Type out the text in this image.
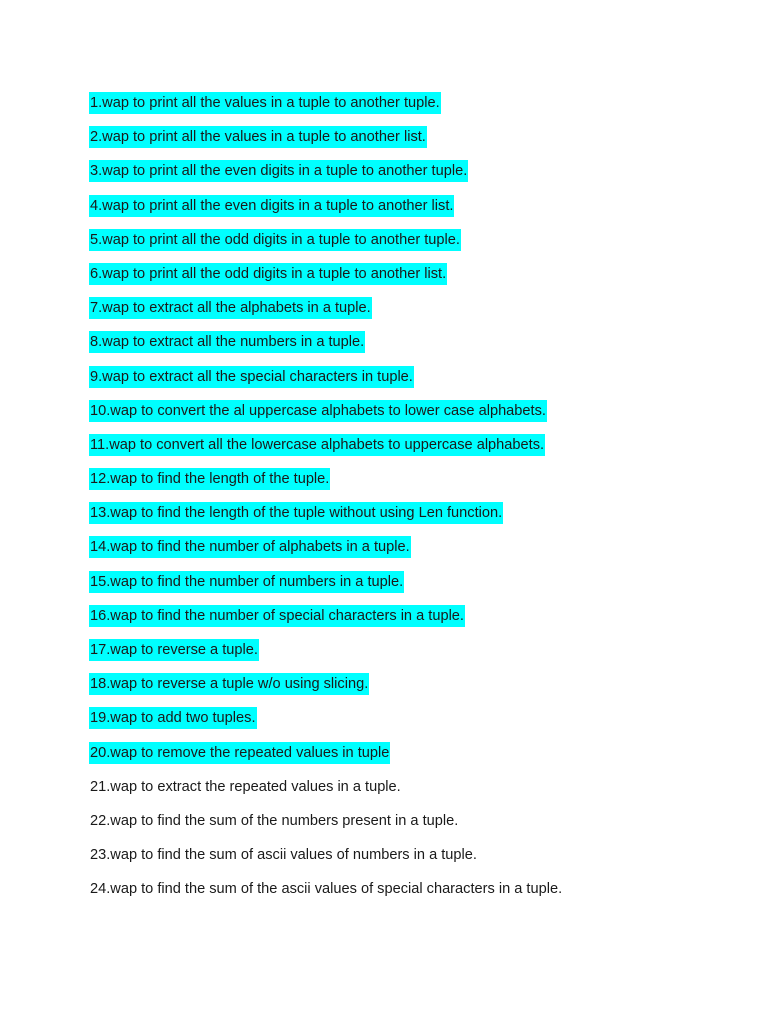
1.wap to print all the values in a tuple to another tuple.
2.wap to print all the values in a tuple to another list.
3.wap to print all the even digits in a tuple to another tuple.
4.wap to print all the even digits in a tuple to another list.
5.wap to print all the odd digits in a tuple to another tuple.
6.wap to print all the odd digits in a tuple to another list.
7.wap to extract all the alphabets in a tuple.
8.wap to extract all the numbers in a tuple.
9.wap to extract all the special characters in tuple.
10.wap to convert the al uppercase alphabets to lower case alphabets.
11.wap to convert all the lowercase alphabets to uppercase alphabets.
12.wap to find the length of the tuple.
13.wap to find the length of the tuple without using Len function.
14.wap to find the number of alphabets in a tuple.
15.wap to find the number of numbers in a tuple.
16.wap to find the number of special characters in a tuple.
17.wap to reverse a tuple.
18.wap to reverse a tuple w/o using slicing.
19.wap to add two tuples.
20.wap to remove the repeated values in tuple
21.wap to extract the repeated values in a tuple.
22.wap to find the sum of the numbers present in a tuple.
23.wap to find the sum of ascii values of numbers in a tuple.
24.wap to find the sum of the ascii values of special characters in a tuple.
